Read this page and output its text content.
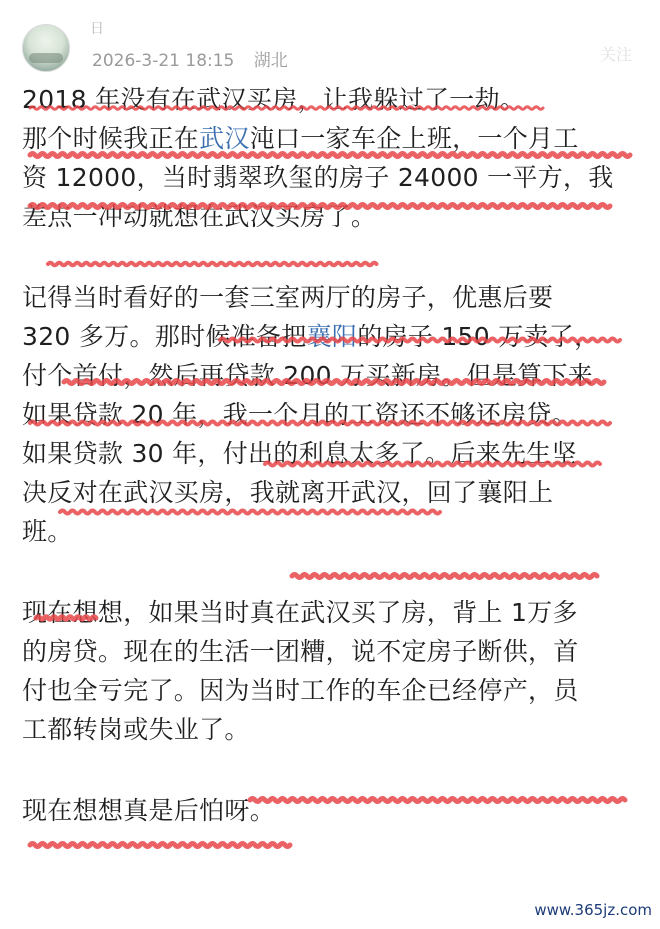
日
2026-3-21 18:15 湖北	关注
2018 年没有在武汉买房，让我躲过了一劫。
那个时候我正在武汉沌口一家车企上班，一个月工
资 12000，当时翡翠玖玺的房子 24000 一平方，我
差点一冲动就想在武汉买房了。
记得当时看好的一套三室两厅的房子，优惠后要
320 多万。那时候准备把襄阳的房子 150 万卖了，
付个首付，然后再贷款 200 万买新房。但是算下来
如果贷款 20 年，我一个月的工资还不够还房贷。
如果贷款 30 年，付出的利息太多了。后来先生坚
决反对在武汉买房，我就离开武汉，回了襄阳上
班。
现在想想，如果当时真在武汉买了房，背上 1万多
的房贷。现在的生活一团糟，说不定房子断供，首
付也全亏完了。因为当时工作的车企已经停产，员
工都转岗或失业了。
现在想想真是后怕呀。
www.365jz.com
